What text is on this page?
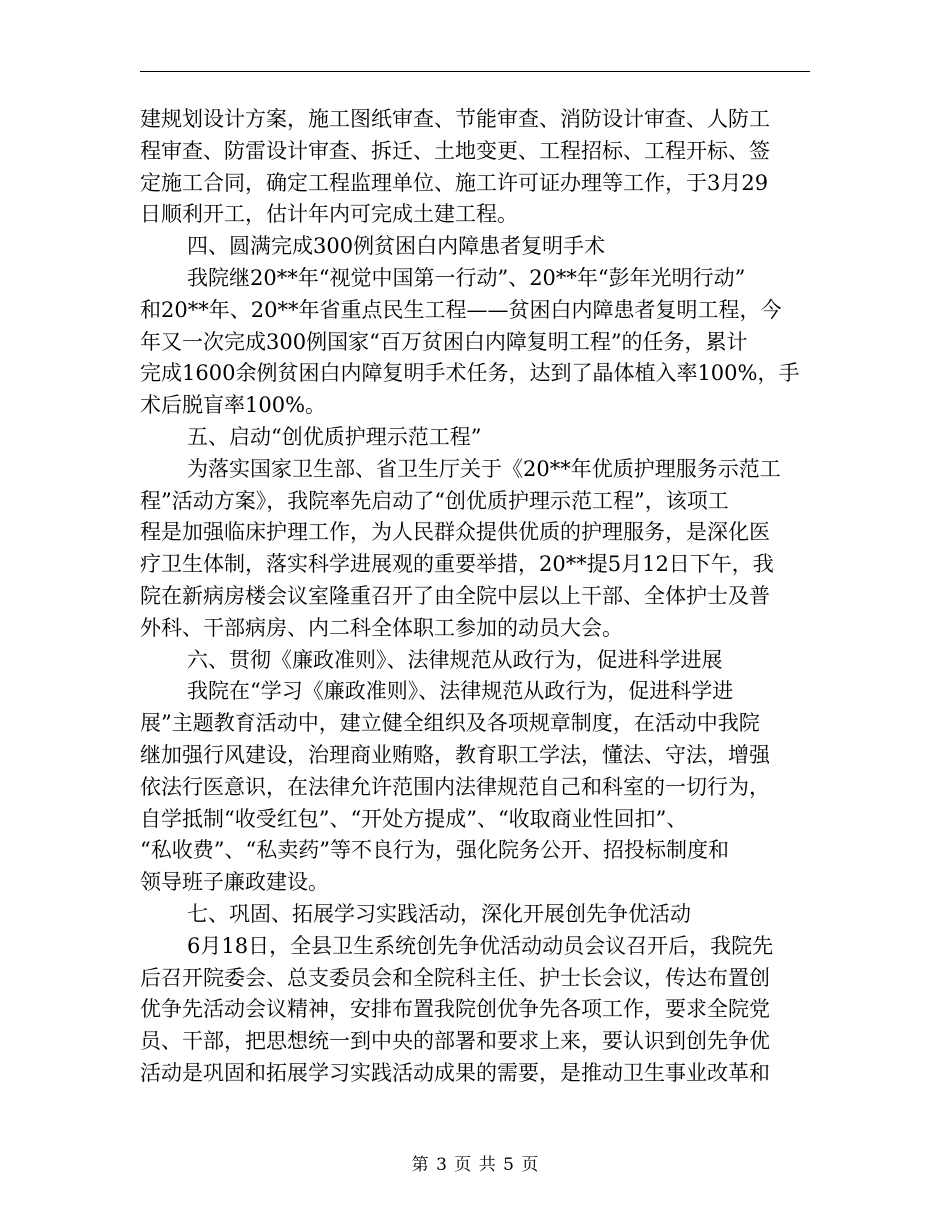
建规划设计方案，施工图纸审查、节能审查、消防设计审查、人防工
程审查、防雷设计审查、拆迁、土地变更、工程招标、工程开标、签
定施工合同，确定工程监理单位、施工许可证办理等工作，于3月29
日顺利开工，估计年内可完成土建工程。
四、圆满完成300例贫困白内障患者复明手术
我院继20**年“视觉中国第一行动”、20**年“彭年光明行动”
和20**年、20**年省重点民生工程——贫困白内障患者复明工程，今
年又一次完成300例国家“百万贫困白内障复明工程”的任务，累计
完成1600余例贫困白内障复明手术任务，达到了晶体植入率100%，手
术后脱盲率100%。
五、启动“创优质护理示范工程”
为落实国家卫生部、省卫生厅关于《20**年优质护理服务示范工
程”活动方案》，我院率先启动了“创优质护理示范工程”，该项工
程是加强临床护理工作，为人民群众提供优质的护理服务，是深化医
疗卫生体制，落实科学进展观的重要举措，20**提5月12日下午，我
院在新病房楼会议室隆重召开了由全院中层以上干部、全体护士及普
外科、干部病房、内二科全体职工参加的动员大会。
六、贯彻《廉政准则》、法律规范从政行为，促进科学进展
我院在“学习《廉政准则》、法律规范从政行为，促进科学进
展”主题教育活动中，建立健全组织及各项规章制度，在活动中我院
继加强行风建设，治理商业贿赂，教育职工学法，懂法、守法，增强
依法行医意识，在法律允许范围内法律规范自己和科室的一切行为，
自学抵制“收受红包”、“开处方提成”、“收取商业性回扣”、
“私收费”、“私卖药”等不良行为，强化院务公开、招投标制度和
领导班子廉政建设。
七、巩固、拓展学习实践活动，深化开展创先争优活动
6月18日，全县卫生系统创先争优活动动员会议召开后，我院先
后召开院委会、总支委员会和全院科主任、护士长会议，传达布置创
优争先活动会议精神，安排布置我院创优争先各项工作，要求全院党
员、干部，把思想统一到中央的部署和要求上来，要认识到创先争优
活动是巩固和拓展学习实践活动成果的需要，是推动卫生事业改革和
第 3 页 共 5 页
